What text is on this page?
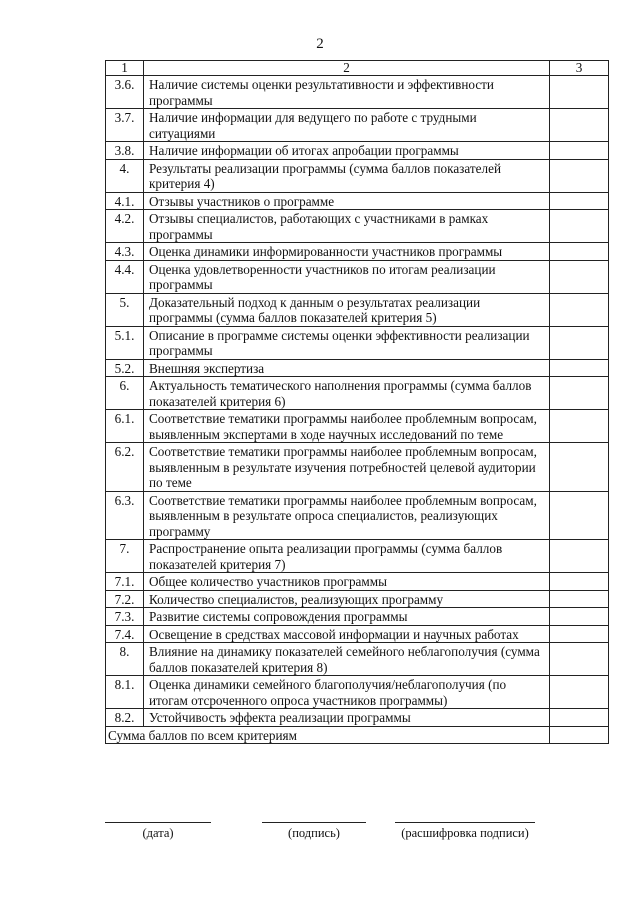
2
1	2	3
3.6.	Наличие системы оценки результативности и эффективности программы	
3.7.	Наличие информации для ведущего по работе с трудными ситуациями	
3.8.	Наличие информации об итогах апробации программы	
4.	Результаты реализации программы (сумма баллов показателей критерия 4)	
4.1.	Отзывы участников о программе	
4.2.	Отзывы специалистов, работающих с участниками в рамках программы	
4.3.	Оценка динамики информированности участников программы	
4.4.	Оценка удовлетворенности участников по итогам реализации программы	
5.	Доказательный подход к данным о результатах реализации программы (сумма баллов показателей критерия 5)	
5.1.	Описание в программе системы оценки эффективности реализации программы	
5.2.	Внешняя экспертиза	
6.	Актуальность тематического наполнения программы (сумма баллов показателей критерия 6)	
6.1.	Соответствие тематики программы наиболее проблемным вопросам, выявленным экспертами в ходе научных исследований по теме	
6.2.	Соответствие тематики программы наиболее проблемным вопросам, выявленным в результате изучения потребностей целевой аудитории по теме	
6.3.	Соответствие тематики программы наиболее проблемным вопросам, выявленным в результате опроса специалистов, реализующих программу	
7.	Распространение опыта реализации программы (сумма баллов показателей критерия 7)	
7.1.	Общее количество участников программы	
7.2.	Количество специалистов, реализующих программу	
7.3.	Развитие системы сопровождения программы	
7.4.	Освещение в средствах массовой информации и научных работах	
8.	Влияние на динамику показателей семейного неблагополучия (сумма баллов показателей критерия 8)	
8.1.	Оценка динамики семейного благополучия/неблагополучия (по итогам отсроченного опроса участников программы)	
8.2.	Устойчивость эффекта реализации программы	
Сумма баллов по всем критериям		
(дата)	(подпись)	(расшифровка подписи)
